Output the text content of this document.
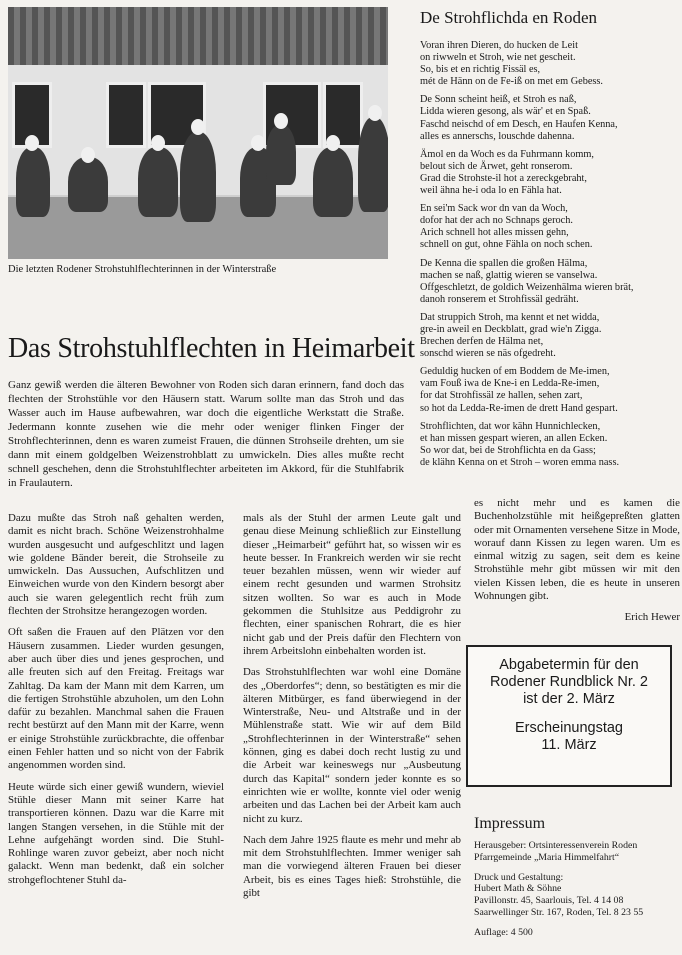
Die letzten Rodener Strohstuhlflechterinnen in der Winterstraße
De Strohflichda en Roden
Voran ihren Dieren, do hucken de Leit
on riwweln et Stroh, wie net gescheit.
So, bis et en richtig Fissäl es,
mét de Hänn on de Fe-iß on met em Gebess.
De Sonn scheint heiß, et Stroh es naß,
Lidda wieren gesong, als wär' et en Spaß.
Faschd neischd of em Desch, en Haufen Kenna,
alles es annerschs, louschde dahenna.
Ämol en da Woch es da Fuhrmann komm,
belout sich de Ärwet, geht ronserom.
Grad die Strohste-il hot a zereckgebraht,
weil ähna he-i oda lo en Fähla hat.
En sei'm Sack wor dn van da Woch,
dofor hat der ach no Schnaps geroch.
Arich schnell hot alles missen gehn,
schnell on gut, ohne Fähla on noch schen.
De Kenna die spallen die großen Hälma,
machen se naß, glattig wieren se vanselwa.
Offgeschletzt, de goldich Weizenhälma wieren brät,
danoh ronserem et Strohfissäl gedräht.
Dat struppich Stroh, ma kennt et net widda,
gre-in aweil en Deckblatt, grad wie'n Zigga.
Brechen derfen de Hälma net,
sonschd wieren se näs ofgedreht.
Geduldig hucken of em Boddem de Me-imen,
vam Fouß iwa de Kne-i en Ledda-Re-imen,
for dat Strohfissäl ze hallen, sehen zart,
so hot da Ledda-Re-imen de drett Hand gespart.
Strohflichten, dat wor kähn Hunnichlecken,
et han missen gespart wieren, an allen Ecken.
So wor dat, bei de Strohflichta en da Gass;
de klähn Kenna on et Stroh – woren emma nass.
Das Strohstuhlflechten in Heimarbeit
Ganz gewiß werden die älteren Bewohner von Roden sich daran erinnern, fand doch das flechten der Strohstühle vor den Häusern statt. Warum sollte man das Stroh und das Wasser auch im Hause aufbewahren, war doch die eigentliche Werkstatt die Straße. Jedermann konnte zusehen wie die mehr oder weniger flinken Finger der Strohflechterinnen, denn es waren zumeist Frauen, die dünnen Strohseile drehten, um sie dann mit einem goldgelben Weizenstrohblatt zu umwickeln. Dies alles mußte recht schnell geschehen, denn die Strohstuhlflechter arbeiteten im Akkord, für die Stuhlfabrik in Fraulautern.

Dazu mußte das Stroh naß gehalten werden, damit es nicht brach. Schöne Weizenstrohhalme wurden ausgesucht und aufgeschlitzt und lagen wie goldene Bänder bereit, die Strohseile zu umwickeln. Das Aussuchen, Aufschlitzen und Einweichen wurde von den Kindern besorgt aber auch sie waren gelegentlich recht früh zum flechten der Strohsitze herangezogen worden.

Oft saßen die Frauen auf den Plätzen vor den Häusern zusammen. Lieder wurden gesungen, aber auch über dies und jenes gesprochen, und alle freuten sich auf den Freitag. Freitags war Zahltag. Da kam der Mann mit dem Karren, um die fertigen Strohstühle abzuholen, um den Lohn dafür zu bezahlen. Manchmal sahen die Frauen recht bestürzt auf den Mann mit der Karre, wenn er einige Strohstühle zurückbrachte, die offenbar einen Fehler hatten und so nicht von der Fabrik angenommen worden sind.

Heute würde sich einer gewiß wundern, wieviel Stühle dieser Mann mit seiner Karre hat transportieren können. Dazu war die Karre mit langen Stangen versehen, in die Stühle mit der Lehne aufgehängt worden sind. Die Stuhl-Rohlinge waren zuvor gebeizt, aber noch nicht galackt. Wenn man bedenkt, daß ein solcher strohgeflochtener Stuhl da-

mals als der Stuhl der armen Leute galt und genau diese Meinung schließlich zur Einstellung dieser „Heimarbeit“ geführt hat, so wissen wir es heute besser. In Frankreich werden wir sie recht teuer bezahlen müssen, wenn wir wieder auf einem recht gesunden und warmen Strohsitz sitzen wollten. So war es auch in Mode gekommen die Stuhlsitze aus Peddigrohr zu flechten, einer spanischen Rohrart, die es hier nicht gab und der Preis dafür den Flechtern von ihrem Arbeitslohn einbehalten worden ist.

Das Strohstuhlflechten war wohl eine Domäne des „Oberdorfes“; denn, so bestätigten es mir die älteren Mitbürger, es fand überwiegend in der Winterstraße, Neu- und Altstraße und in der Mühlenstraße statt. Wie wir auf dem Bild „Strohflechterinnen in der Winterstraße“ sehen können, ging es dabei doch recht lustig zu und die Arbeit war keineswegs nur „Ausbeutung durch das Kapital“ sondern jeder konnte es so einrichten wie er wollte, konnte viel oder wenig arbeiten und das Lachen bei der Arbeit kam auch nicht zu kurz.

Nach dem Jahre 1925 flaute es mehr und mehr ab mit dem Strohstuhlflechten. Immer weniger sah man die vorwiegend älteren Frauen bei dieser Arbeit, bis es eines Tages hieß: Strohstühle, die gibt

es nicht mehr und es kamen die Buchenholzstühle mit heißgepreßten glatten oder mit Ornamenten versehene Sitze in Mode, worauf dann Kissen zu legen waren. Um es einmal witzig zu sagen, seit dem es keine Strohstühle mehr gibt müssen wir mit den vielen Kissen leben, die es heute in unseren Wohnungen gibt.

Erich Hewer
Abgabetermin für den
Rodener Rundblick Nr. 2
ist der 2. März
Erscheinungstag
11. März
Impressum
Herausgeber: Ortsinteressenverein Roden
Pfarrgemeinde „Maria Himmelfahrt“
Druck und Gestaltung:
Hubert Math & Söhne
Pavillonstr. 45, Saarlouis, Tel. 4 14 08
Saarwellinger Str. 167, Roden, Tel. 8 23 55
Auflage: 4 500
